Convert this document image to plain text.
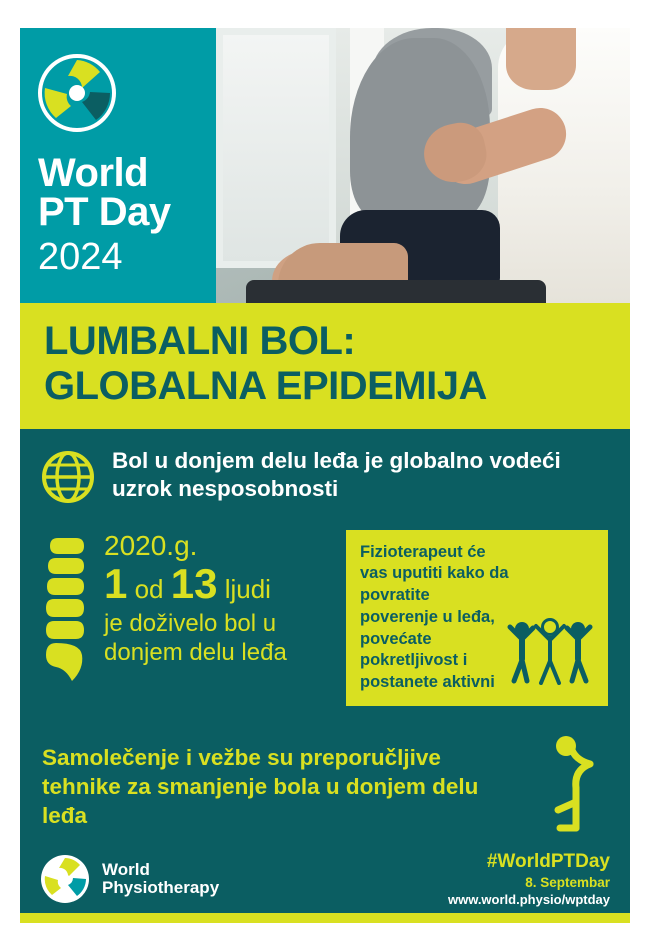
World
PT Day
2024
LUMBALNI BOL:
GLOBALNA EPIDEMIJA

Bol u donjem delu leđa je globalno vodeći uzrok nesposobnosti

2020.g.
1 od 13 ljudi
je doživelo bol u donjem delu leđa

Fizioterapeut će vas uputiti kako da povratite poverenje u leđa, povećate pokretljivost i postanete aktivni

Samolečenje i vežbe su preporučljive tehnike za smanjenje bola u donjem delu leđa

World
Physiotherapy
#WorldPTDay
8. Septembar
www.world.physio/wptday
